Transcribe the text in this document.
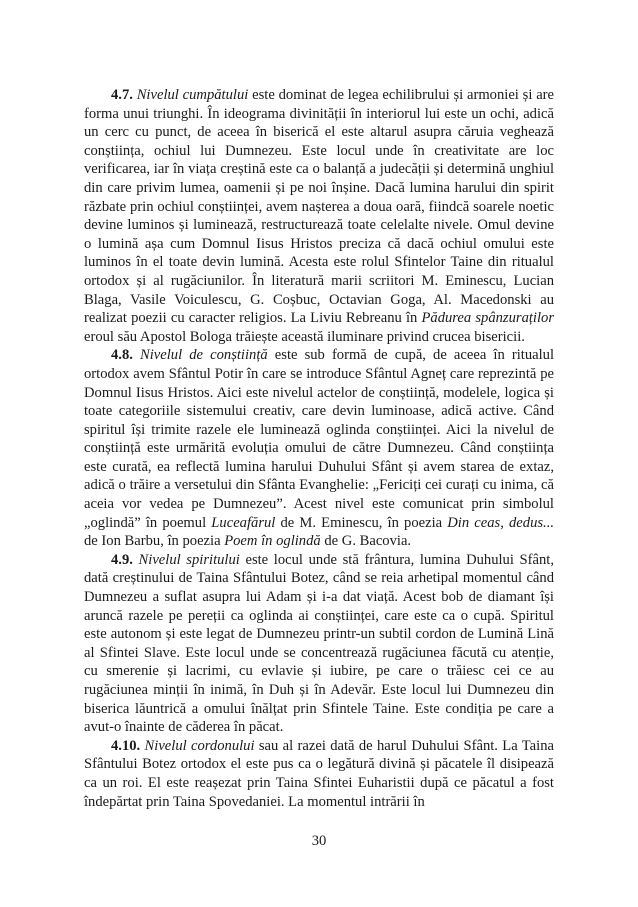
4.7. Nivelul cumpătului este dominat de legea echilibrului și armoniei și are forma unui triunghi. În ideograma divinității în interiorul lui este un ochi, adică un cerc cu punct, de aceea în biserică el este altarul asupra căruia veghează conștiința, ochiul lui Dumnezeu. Este locul unde în creativitate are loc verificarea, iar în viața creștină este ca o balanță a judecății și determină unghiul din care privim lumea, oamenii și pe noi înșine. Dacă lumina harului din spirit răzbate prin ochiul conștiinței, avem nașterea a doua oară, fiindcă soarele noetic devine luminos și luminează, restructurează toate celelalte nivele. Omul devine o lumină așa cum Domnul Iisus Hristos preciza că dacă ochiul omului este luminos în el toate devin lumină. Acesta este rolul Sfintelor Taine din ritualul ortodox și al rugăciunilor. În literatură marii scriitori M. Eminescu, Lucian Blaga, Vasile Voiculescu, G. Coșbuc, Octavian Goga, Al. Macedonski au realizat poezii cu caracter religios. La Liviu Rebreanu în Pădurea spânzuraților eroul său Apostol Bologa trăiește această iluminare privind crucea bisericii.

4.8. Nivelul de conștiință este sub formă de cupă, de aceea în ritualul ortodox avem Sfântul Potir în care se introduce Sfântul Agneț care reprezintă pe Domnul Iisus Hristos. Aici este nivelul actelor de conștiință, modelele, logica și toate categoriile sistemului creativ, care devin luminoase, adică active. Când spiritul își trimite razele ele luminează oglinda conștiinței. Aici la nivelul de conștiință este urmărită evoluția omului de către Dumnezeu. Când conștiința este curată, ea reflectă lumina harului Duhului Sfânt și avem starea de extaz, adică o trăire a versetului din Sfânta Evanghelie: „Fericiți cei curați cu inima, că aceia vor vedea pe Dumnezeu”. Acest nivel este comunicat prin simbolul „oglindă” în poemul Luceafărul de M. Eminescu, în poezia Din ceas, dedus... de Ion Barbu, în poezia Poem în oglindă de G. Bacovia.

4.9. Nivelul spiritului este locul unde stă frântura, lumina Duhului Sfânt, dată creștinului de Taina Sfântului Botez, când se reia arhetipal momentul când Dumnezeu a suflat asupra lui Adam și i-a dat viață. Acest bob de diamant își aruncă razele pe pereții ca oglinda ai conștiinței, care este ca o cupă. Spiritul este autonom și este legat de Dumnezeu printr-un subtil cordon de Lumină Lină al Sfintei Slave. Este locul unde se concentrează rugăciunea făcută cu atenție, cu smerenie și lacrimi, cu evlavie și iubire, pe care o trăiesc cei ce au rugăciunea minții în inimă, în Duh și în Adevăr. Este locul lui Dumnezeu din biserica lăuntrică a omului înălțat prin Sfintele Taine. Este condiția pe care a avut-o înainte de căderea în păcat.

4.10. Nivelul cordonului sau al razei dată de harul Duhului Sfânt. La Taina Sfântului Botez ortodox el este pus ca o legătură divină și păcatele îl disipează ca un roi. El este reașezat prin Taina Sfintei Euharistii după ce păcatul a fost îndepărtat prin Taina Spovedaniei. La momentul intrării în

30
